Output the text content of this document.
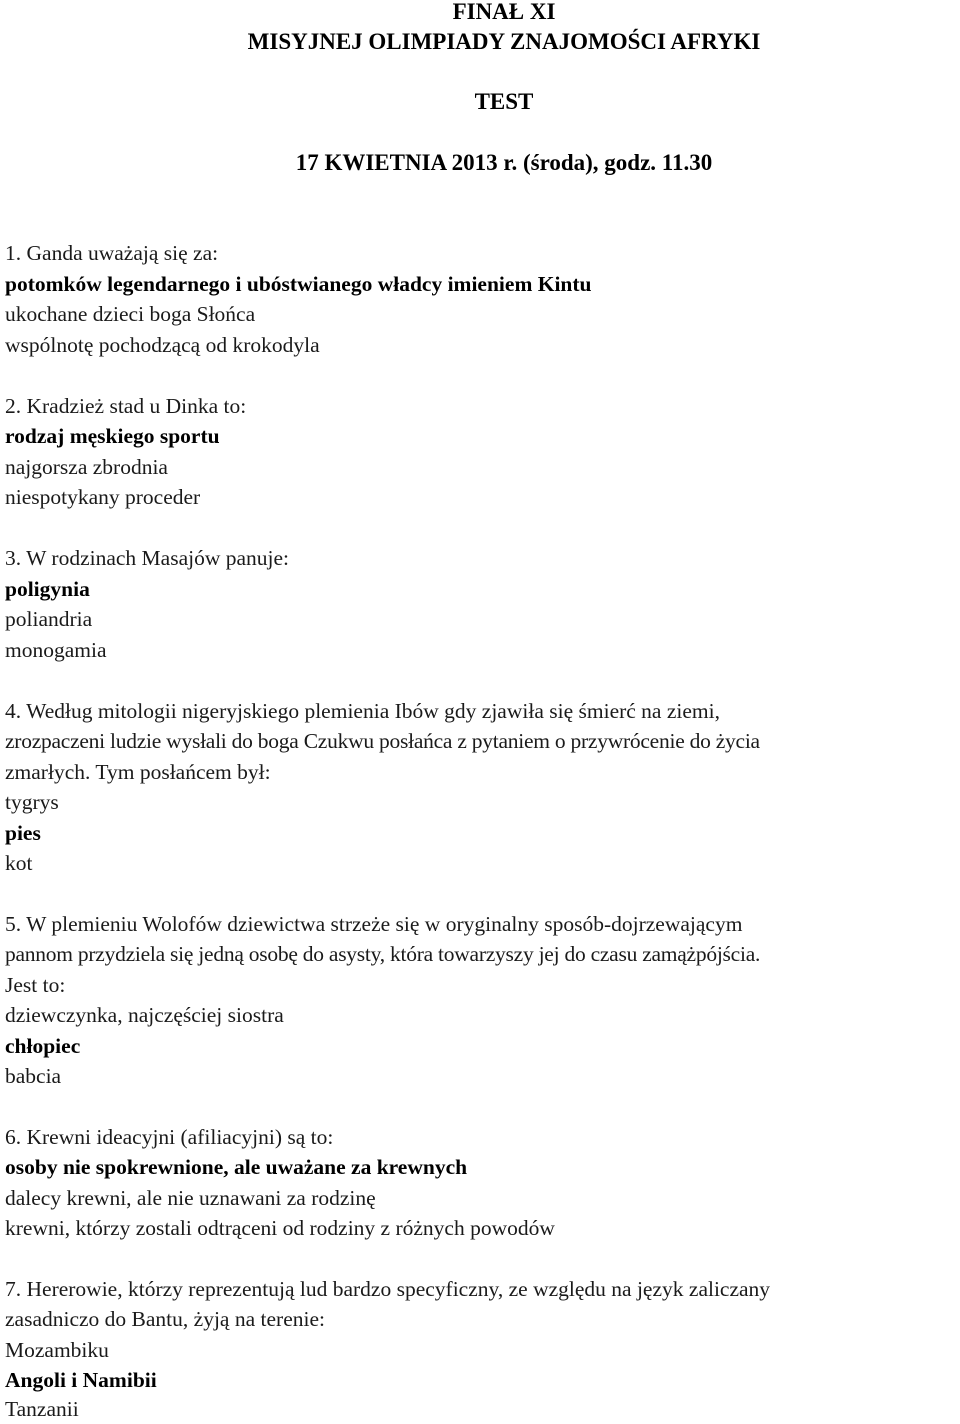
FINAŁ XI
MISYJNEJ OLIMPIADY ZNAJOMOŚCI AFRYKI
TEST
17 KWIETNIA 2013 r. (środa), godz. 11.30
1. Ganda uważają się za:
potomków legendarnego i ubóstwianego władcy imieniem Kintu
ukochane dzieci boga Słońca
wspólnotę pochodzącą od krokodyla
2. Kradzież stad u Dinka to:
rodzaj męskiego sportu
najgorsza zbrodnia
niespotykany proceder
3. W rodzinach Masajów panuje:
poligynia
poliandria
monogamia
4. Według mitologii nigeryjskiego plemienia Ibów gdy zjawiła się śmierć na ziemi,
zrozpaczeni ludzie wysłali do boga Czukwu posłańca z pytaniem o przywrócenie do życia
zmarłych. Tym posłańcem był:
tygrys
pies
kot
5. W plemieniu Wolofów dziewictwa strzeże się w oryginalny sposób-dojrzewającym
pannom przydziela się jedną osobę do asysty, która towarzyszy jej do czasu zamążpójścia.
Jest to:
dziewczynka, najczęściej siostra
chłopiec
babcia
6. Krewni ideacyjni (afiliacyjni) są to:
osoby nie spokrewnione, ale uważane za krewnych
dalecy krewni, ale nie uznawani za rodzinę
krewni, którzy zostali odtrąceni od rodziny z różnych powodów
7. Hererowie, którzy reprezentują lud bardzo specyficzny, ze względu na język zaliczany
zasadniczo do Bantu, żyją na terenie:
Mozambiku
Angoli i Namibii
Tanzanii
